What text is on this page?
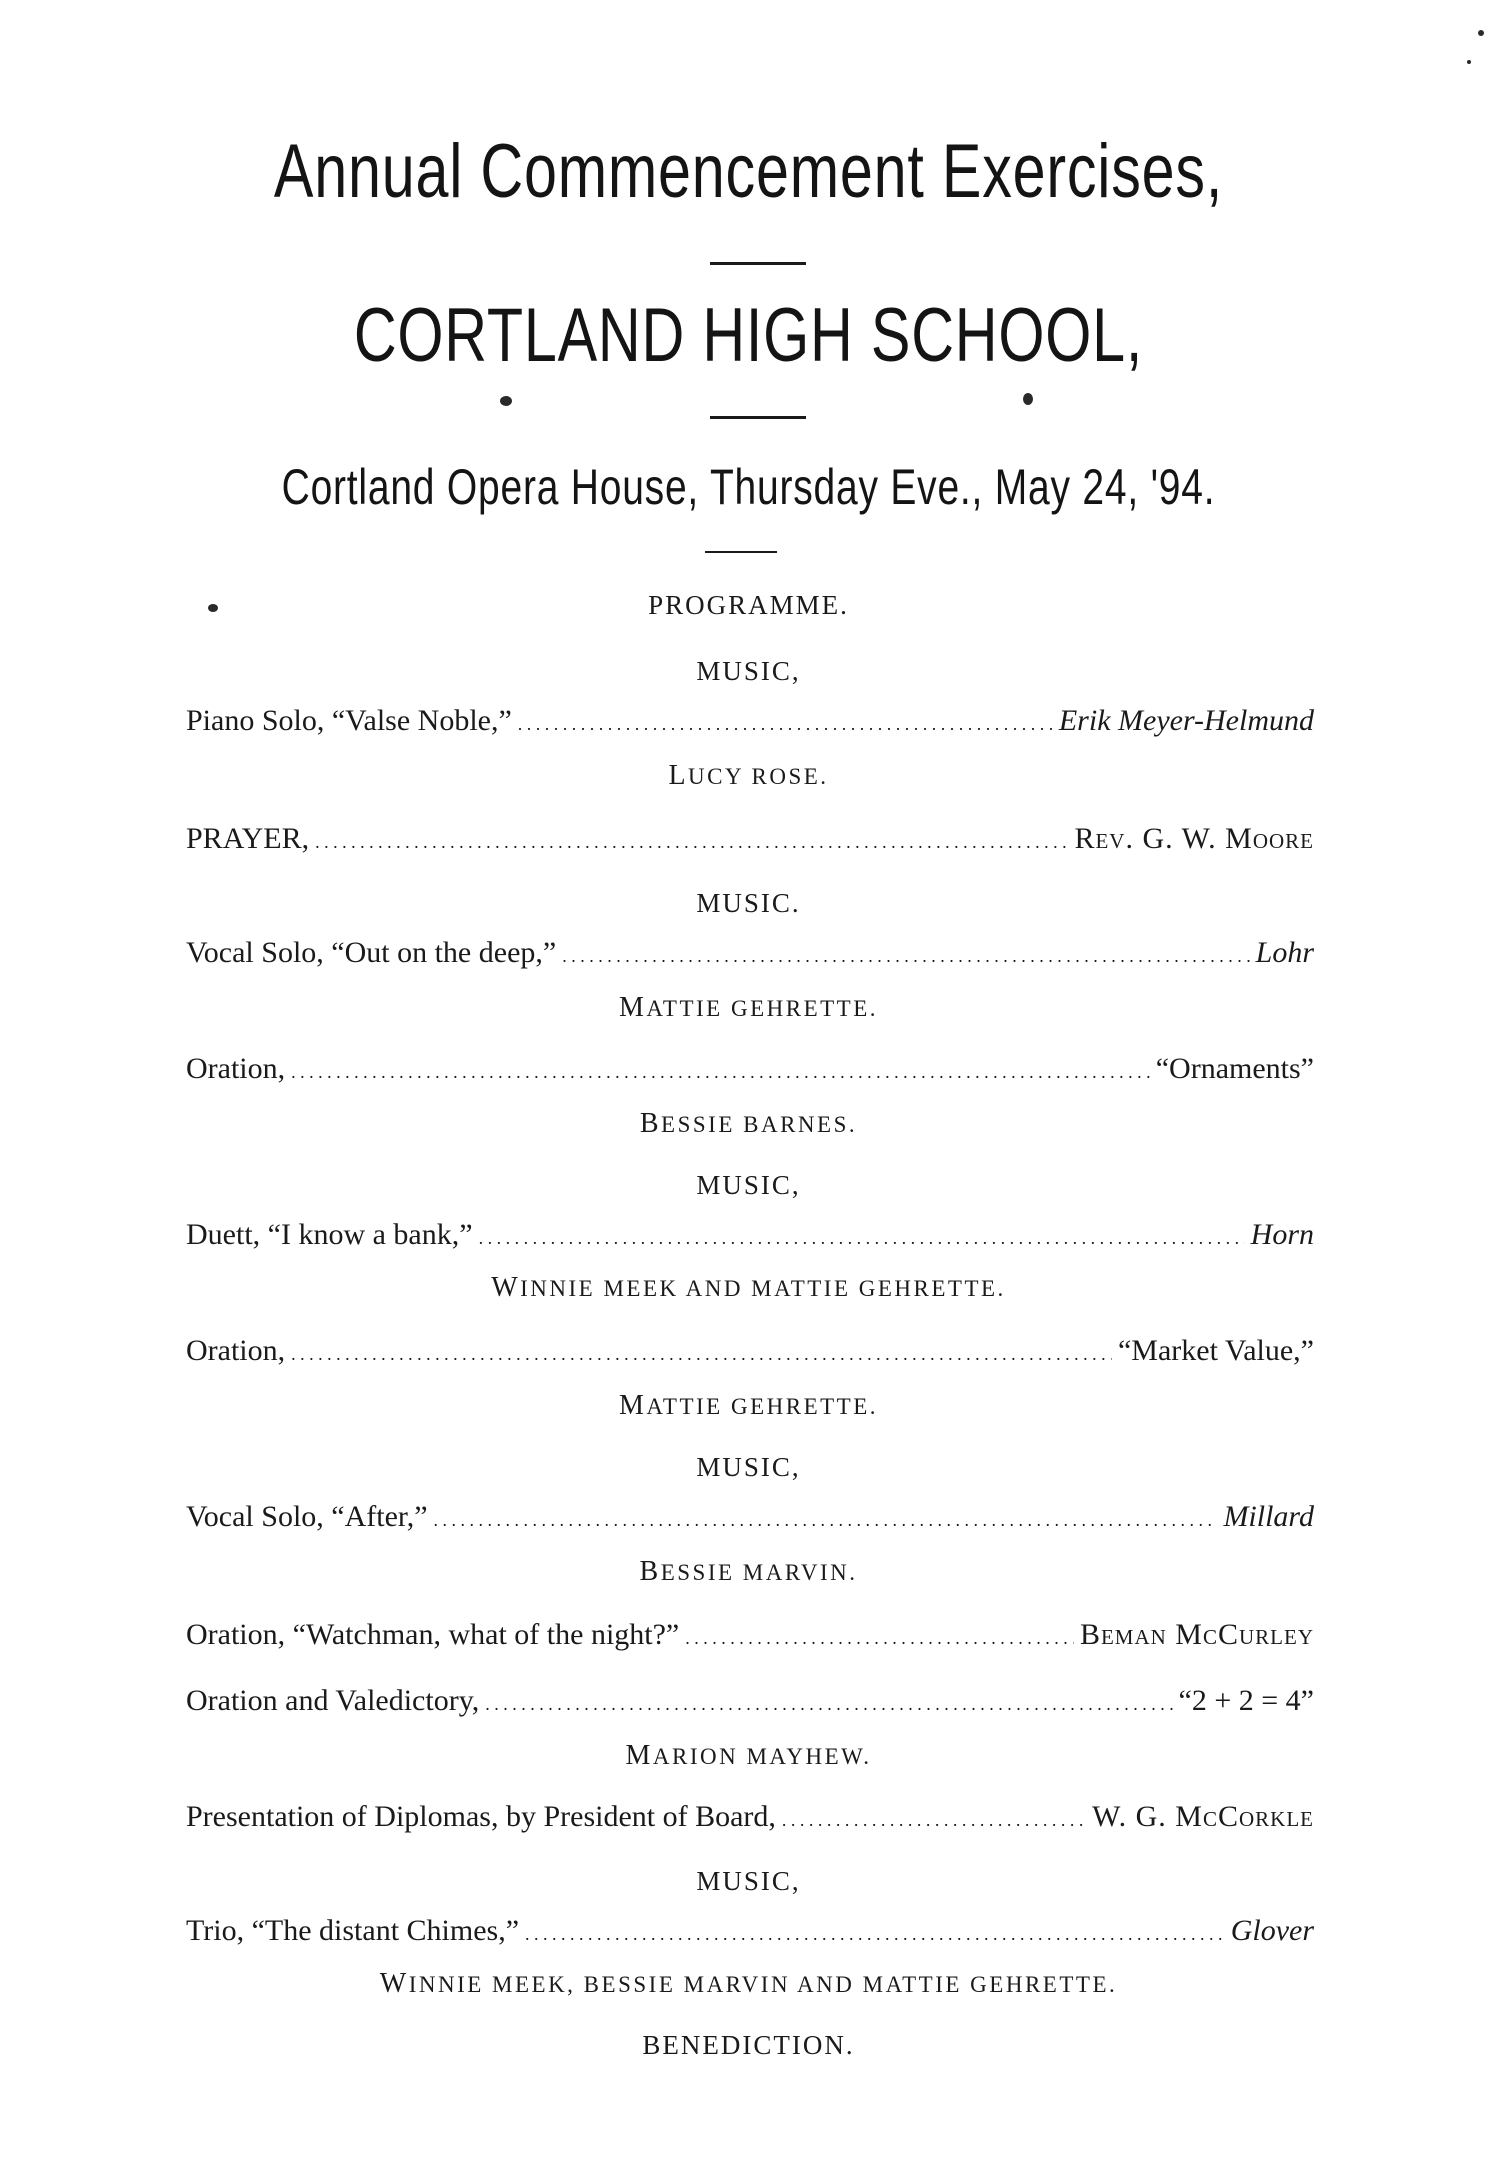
Annual Commencement Exercises,
CORTLAND HIGH SCHOOL,
Cortland Opera House, Thursday Eve., May 24, '94.
PROGRAMME.
MUSIC,
Piano Solo, “Valse Noble,” . . .	Erik Meyer-Helmund
LUCY ROSE.
PRAYER, . . .	Rev. G. W. Moore
MUSIC.
Vocal Solo, “Out on the deep,” . . .	Lohr
MATTIE GEHRETTE.
Oration, . . .	“Ornaments”
BESSIE BARNES.
MUSIC,
Duett, “I know a bank,” . . .	Horn
WINNIE MEEK AND MATTIE GEHRETTE.
Oration, . . .	“Market Value,”
MATTIE GEHRETTE.
MUSIC,
Vocal Solo, “After,” . . .	Millard
BESSIE MARVIN.
Oration, “Watchman, what of the night?” . . .	Beman McCurley
Oration and Valedictory, . . .	“2 + 2 = 4”
MARION MAYHEW.
Presentation of Diplomas, by President of Board, . . .	W. G. McCorkle
MUSIC,
Trio, “The distant Chimes,” . . .	Glover
WINNIE MEEK, BESSIE MARVIN AND MATTIE GEHRETTE.
BENEDICTION.
